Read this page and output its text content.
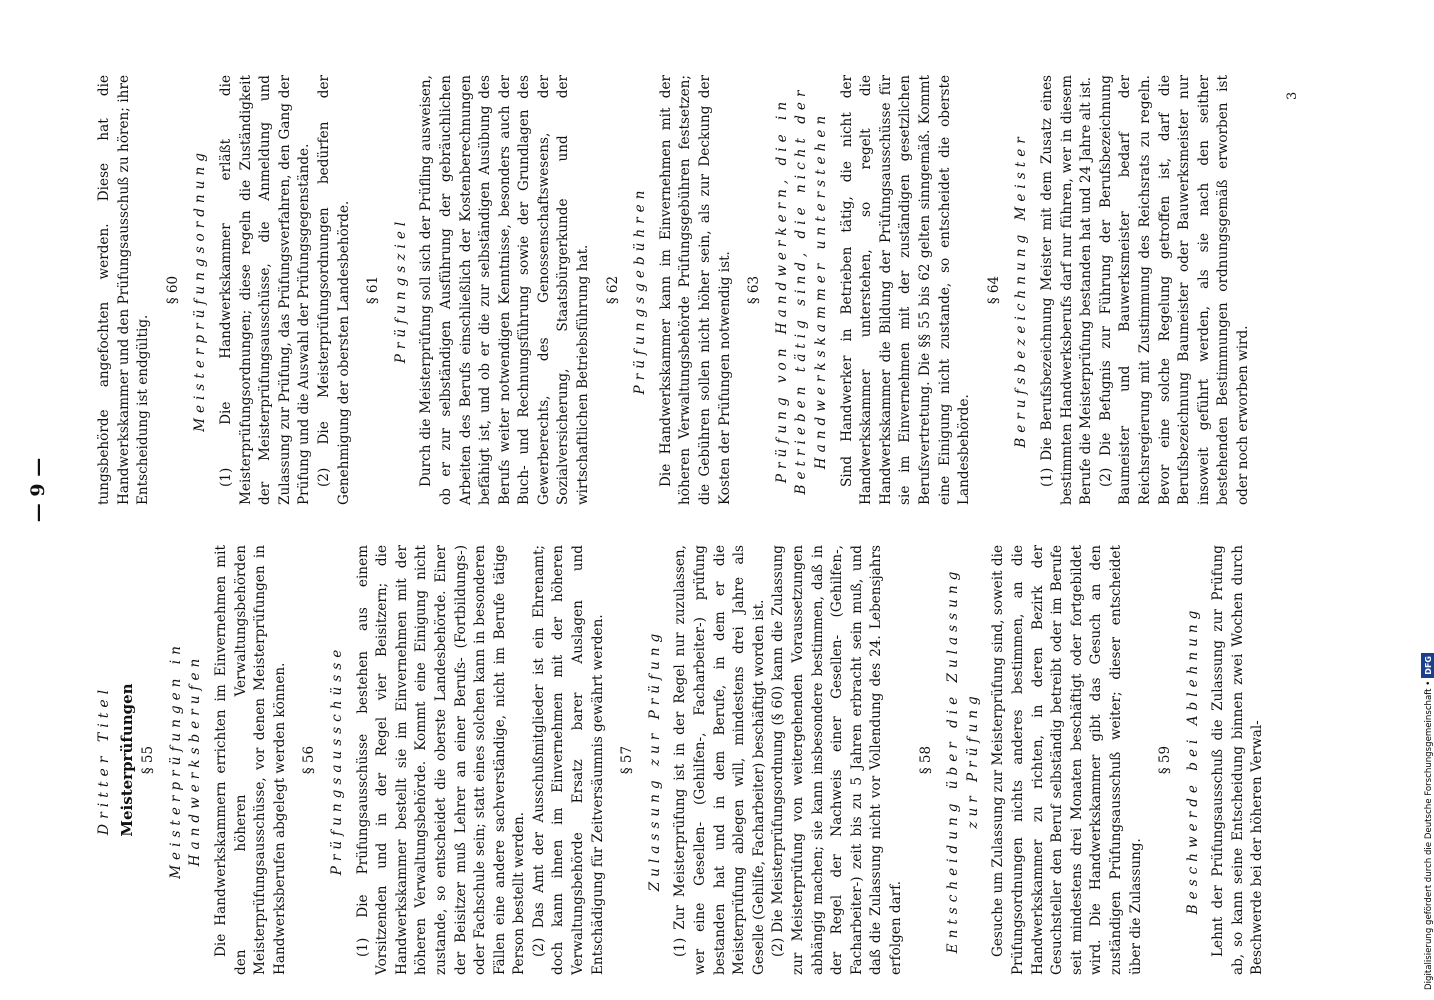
— 9 —
Dritter Titel Meisterprüfungen § 55 Meisterprüfungen in Handwerksberufen Die Handwerkskammern errichten im Einvernehmen mit den höheren Verwaltungsbehörden Meisterprüfungsausschüsse, vor denen Meisterprüfungen in Handwerksberufen abgelegt werden können. § 56 Prüfungsausschüsse (1) Die Prüfungsausschüsse bestehen aus einem Vorsitzenden und in der Regel vier Beisitzern; die Handwerkskammer bestellt sie im Einvernehmen mit der höheren Verwaltungsbehörde. Kommt eine Einigung nicht zustande, so entscheidet die oberste Landesbehörde. Einer der Beisitzer muß Lehrer an einer Berufs- (Fortbildungs-) oder Fachschule sein; statt eines solchen kann in besonderen Fällen eine andere sachverständige, nicht im Berufe tätige Person bestellt werden. (2) Das Amt der Ausschußmitglieder ist ein Ehrenamt; doch kann ihnen im Einvernehmen mit der höheren Verwaltungsbehörde Ersatz barer Auslagen und Entschädigung für Zeitversäumnis gewährt werden. § 57 Zulassung zur Prüfung (1) Zur Meisterprüfung ist in der Regel nur zuzulassen, wer eine Gesellen- (Gehilfen-, Facharbeiter-) prüfung bestanden hat und in dem Berufe, in dem er die Meisterprüfung ablegen will, mindestens drei Jahre als Geselle (Gehilfe, Facharbeiter) beschäftigt worden ist. (2) Die Meisterprüfungsordnung (§ 60) kann die Zulassung zur Meisterprüfung von weitergehenden Voraussetzungen abhängig machen; sie kann insbesondere bestimmen, daß in der Regel der Nachweis einer Gesellen- (Gehilfen-, Facharbeiter-) zeit bis zu 5 Jahren erbracht sein muß, und daß die Zulassung nicht vor Vollendung des 24. Lebensjahrs erfolgen darf.

§ 58 Entscheidung über die Zulassung zur Prüfung Gesuche um Zulassung zur Meisterprüfung sind, soweit die Prüfungsordnungen nichts anderes bestimmen, an die Handwerkskammer zu richten, in deren Bezirk der Gesuchsteller den Beruf selbständig betreibt oder im Berufe seit mindestens drei Monaten beschäftigt oder fortgebildet wird. Die Handwerkskammer gibt das Gesuch an den zuständigen Prüfungsausschuß weiter; dieser entscheidet über die Zulassung.

§ 59 Beschwerde bei Ablehnung Lehnt der Prüfungsausschuß die Zulassung zur Prüfung ab, so kann seine Entscheidung binnen zwei Wochen durch Beschwerde bei der höheren Verwal-

tungsbehörde angefochten werden. Diese hat die Handwerkskammer und den Prüfungsausschuß zu hören; ihre Entscheidung ist endgültig.

§ 60 Meisterprüfungsordnung (1) Die Handwerkskammer erläßt die Meisterprüfungsordnungen; diese regeln die Zuständigkeit der Meisterprüfungsausschüsse, die Anmeldung und Zulassung zur Prüfung, das Prüfungsverfahren, den Gang der Prüfung und die Auswahl der Prüfungsgegenstände. (2) Die Meisterprüfungsordnungen bedürfen der Genehmigung der obersten Landesbehörde. § 61 Prüfungsziel Durch die Meisterprüfung soll sich der Prüfling ausweisen, ob er zur selbständigen Ausführung der gebräuchlichen Arbeiten des Berufs einschließlich der Kostenberechnungen befähigt ist, und ob er die zur selbständigen Ausübung des Berufs weiter notwendigen Kenntnisse, besonders auch der Buch- und Rechnungsführung sowie der Grundlagen des Gewerberechts, des Genossenschaftswesens, der Sozialversicherung, Staatsbürgerkunde und der wirtschaftlichen Betriebsführung hat. § 62 Prüfungsgebühren Die Handwerkskammer kann im Einvernehmen mit der höheren Verwaltungsbehörde Prüfungsgebühren festsetzen; die Gebühren sollen nicht höher sein, als zur Deckung der Kosten der Prüfungen notwendig ist. § 63 Prüfung von Handwerkern, die in Betrieben tätig sind, die nicht der Handwerkskammer unterstehen Sind Handwerker in Betrieben tätig, die nicht der Handwerkskammer unterstehen, so regelt die Handwerkskammer die Bildung der Prüfungsausschüsse für sie im Einvernehmen mit der zuständigen gesetzlichen Berufsvertretung. Die §§ 55 bis 62 gelten sinngemäß. Kommt eine Einigung nicht zustande, so entscheidet die oberste Landesbehörde.

§ 64 Berufsbezeichnung Meister (1) Die Berufsbezeichnung Meister mit dem Zusatz eines bestimmten Handwerksberufs darf nur führen, wer in diesem Berufe die Meisterprüfung bestanden hat und 24 Jahre alt ist. (2) Die Befugnis zur Führung der Berufsbezeichnung Baumeister und Bauwerksmeister bedarf der Reichsregierung mit Zustimmung des Reichsrats zu regeln. Bevor eine solche Regelung getroffen ist, darf die Berufsbezeichnung Baumeister oder Bauwerksmeister nur insoweit geführt werden, als sie nach den seither bestehenden Bestimmungen ordnungsgemäß erworben ist oder noch erworben wird.

3
Digitalisierung gefördert durch die Deutsche Forschungsgemeinschaft •DFG
